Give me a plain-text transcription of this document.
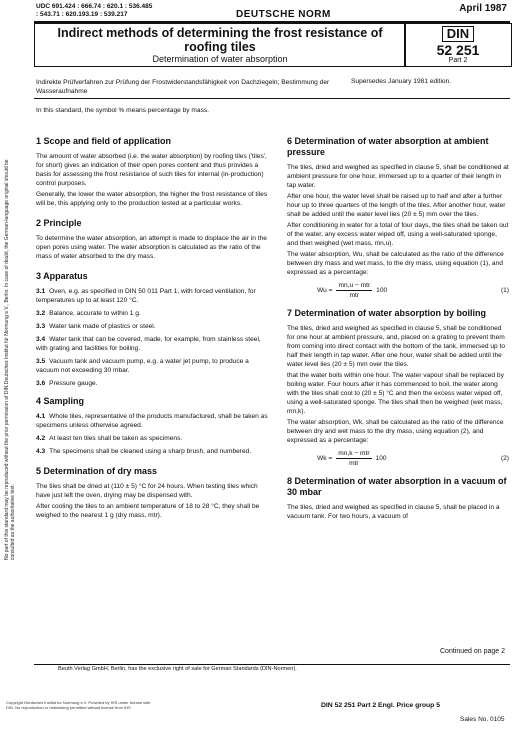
UDC 691.424 : 666.74 : 620.1 : 536.485
: 543.71 : 620.193.19 : 539.217	DEUTSCHE NORM
April 1987
Indirect methods of determining the frost resistance of roofing tiles
Determination of water absorption
DIN
52 251
Part 2
Indirekte Prüfverfahren zur Prüfung der Frostwiderstandsfähigkeit von Dachziegeln; Bestimmung der Wasseraufnahme
Supersedes January 1981 edition.
In this standard, the symbol % means percentage by mass.
No part of this standard may be reproduced without the prior permission of DIN Deutsches Institut für Normung e.V., Berlin. In case of doubt, the German-language original should be consulted as the authoritative text.
1 Scope and field of application

The amount of water absorbed (i.e. the water absorption) by roofing tiles ('tiles', for short) gives an indication of their open pores content and thus provides a basis for assessing the frost resistance of such tiles for internal (in-production) control purposes.

Generally, the lower the water absorption, the higher the frost resistance of tiles will be, this applying only to the production tested at a particular works.

2 Principle

To determine the water absorption, an attempt is made to displace the air in the open pores using water. The water absorption is calculated as the ratio of the mass of water absorbed to the dry mass.

3 Apparatus
3.1 Oven, e.g. as specified in DIN 50 011 Part 1, with forced ventilation, for temperatures up to at least 120 °C.
3.2 Balance, accurate to within 1 g.
3.3 Water tank made of plastics or steel.
3.4 Water tank that can be covered, made, for example, from stainless steel, with grating and facilities for boiling.
3.5 Vacuum tank and vacuum pump, e.g. a water jet pump, to produce a vacuum not exceeding 30 mbar.
3.6 Pressure gauge.
4 Sampling
4.1 Whole tiles, representative of the products manufactured, shall be taken as specimens unless otherwise agreed.
4.2 At least ten tiles shall be taken as specimens.
4.3 The specimens shall be cleaned using a sharp brush, and numbered.
5 Determination of dry mass

The tiles shall be dried at (110 ± 5) °C for 24 hours. When testing tiles which have just left the oven, drying may be dispensed with.

After cooling the tiles to an ambient temperature of 18 to 28 °C, they shall be weighed to the nearest 1 g (dry mass, mtr).

6 Determination of water absorption at ambient pressure

The tiles, dried and weighed as specified in clause 5, shall be conditioned at ambient pressure for one hour, immersed up to a quarter of their length in tap water.

After one hour, the water level shall be raised up to half and after a further hour up to three quarters of the length of the tiles. After another hour, water shall be added until the water level lies (20 ± 5) mm over the tiles.

After conditioning in water for a total of four days, the tiles shall be taken out of the water, any excess water wiped off, using a well-saturated sponge, and then weighed (wet mass, mn,u).

The water absorption, Wu, shall be calculated as the ratio of the difference between dry mass and wet mass, to the dry mass, using equation (1), and expressed as a percentage:

$Wu = \frac{\text{mn,u − mtr}}{\text{mtr}} 100$	(1)
7 Determination of water absorption by boiling

The tiles, dried and weighed as specified in clause 5, shall be conditioned for one hour at ambient pressure, and, placed on a grating to prevent them from coming into direct contact with the bottom of the tank, immersed up to half their length in tap water. After one hour, water shall be added until the water level lies (20 ± 5) mm over the tiles.

that the water boils within one hour. The water vapour shall be replaced by boiling water. Four hours after it has commenced to boil, the water along with the tiles shall cool to (20 ± 5) °C and then the excess water wiped off, using a well-saturated sponge. The tiles shall then be weighed (wet mass, mn,k).

The water absorption, Wk, shall be calculated as the ratio of the difference between dry and wet mass to the dry mass, using equation (2), and expressed as a percentage:

$Wk = \frac{\text{mn,k − mtr}}{\text{mtr}} 100$	(2)
8 Determination of water absorption in a vacuum of 30 mbar

The tiles, dried and weighed as specified in clause 5, shall be placed in a vacuum tank. For two hours, a vacuum of

Continued on page 2
Beuth Verlag GmbH, Berlin, has the exclusive right of sale for German Standards (DIN-Normen).
Copyright Deutsches Institut fur Normung e.V. Provided by IHS under license with DIN. No reproduction or networking permitted without license from IHS	DIN 52 251 Part 2 Engl. Price group 5
Sales No. 0105
